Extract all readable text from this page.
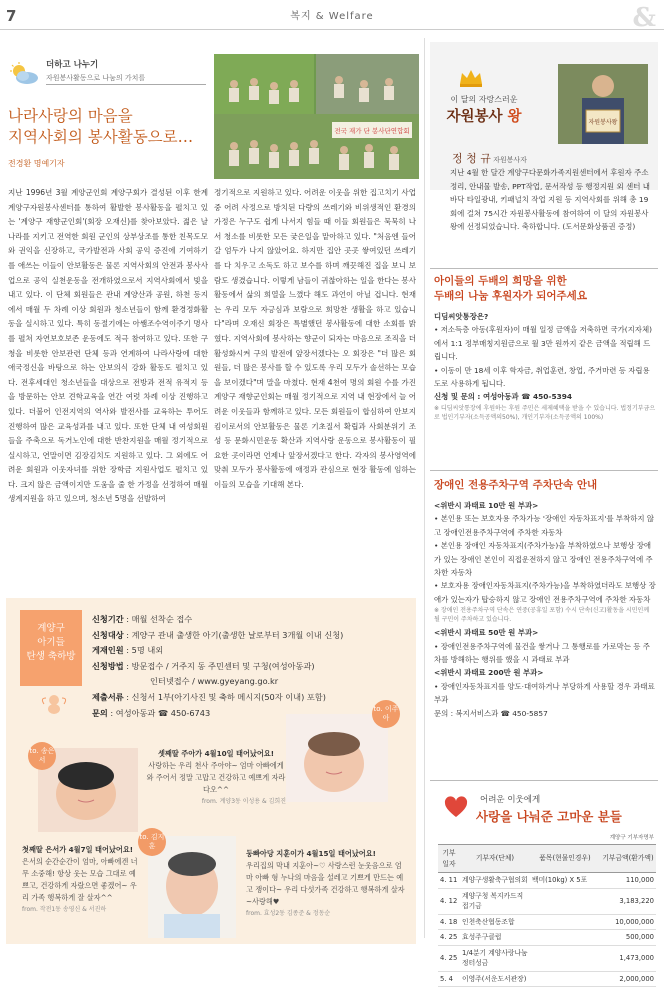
7	복지 & Welfare	&
더하고 나누기
자원봉사활동으로 나눔의 가치를
나라사랑의 마음을
지역사회의 봉사활동으로…
전경환 명예기자
전국 재가 단 봉사단연합회
지난 1996년 3월 계양군인회 계양구회가 결성된 이후 한계 계양구자원봉사센터를 통하여 활발한 봉사활동을 펼치고 있는 '계양구 재향군인회'(회장 오재신)를 찾아보았다. 젊은 날 나라를 지키고 전역한 회원 군인의 상부상조를 통한 친목도모와 권익을 신장하고, 국가발전과 사회 공익 증진에 기여하기를 애쓰는 이들이 안보활동은 물론 지역사회의 안전과 봉사사업으로 공익 실천운동을 전개하였으로서 지역사회에서 빛을 내고 있다. 이 단체 회원들은 관내 계양산과 공원, 하천 등지에서 매월 두 차례 이상 회원과 청소년들이 함께 환경정화활동을 실시하고 있다. 특히 동절기에는 아쌤조수역이주기 명사를 펼쳐 자연보호보존 운동에도 적극 참여하고 있다. 또한 구청을 비롯한 안보관련 단체 등과 연계하여 나라사랑에 대한 애국정신을 바탕으로 하는 안보의식 강화 활동도 펼치고 있다. 전후세대인 청소년들을 대상으로 전방과 전적 유적지 등을 방문하는 안보 견학교육을 연간 여럿 차례 이상 진행하고 있다. 더불어 인전지역의 역사와 발전사를 교육하는 투어도 진행하여 많은 교육성과를 내고 있다. 또한 단체 내 여성회원들을 주축으로 독거노인에 대한 반찬지원을 매월 정기적으로 실시하고, 연말이면 김장김치도 지원하고 있다. 그 외에도 어려운 회원과 이웃자녀를 위한 장학금 지원사업도 펼치고 있다. 크지 않은 금액이지만 도움을 줄 한 가정을 선정하여 매월 생계지원을 하고 있으며, 청소년 5명을 선발하여
정기적으로 지원하고 있다. 어려운 이웃을 위한 집고치기 사업 중 어려 사정으로 방치된 다량의 쓰레기와 비위생적인 환경의 가정은 누구도 쉽게 나서지 힘들 때 이들 회원들은 묵묵히 나서 청소를 비롯한 모든 궂은일을 맡아하고 있다. "처음엔 들어갈 엄두가 나지 않았어요. 하지만 집안 곳곳 쌓여있던 쓰레기를 다 치우고 소독도 하고 보수를 하며 깨끗해진 집을 보니 보람도 생겼습니다. 이렇게 남들이 귀찮아하는 일을 한다는 봉사활동에서 삶의 희열을 느꼈다 해도 과언이 아닐 겁니다. 현재는 우리 모두 자긍심과 보람으로 희망찬 생활을 하고 있습니다"라며 오재신 회장은 특별했던 봉사활동에 대한 소회를 밝혔다. 지역사회에 봉사하는 향군이 되자는 마음으로 조직을 더 활성화시켜 구의 발전에 앞장서겠다는 오 회장은 "더 많은 회원들, 더 많은 봉사를 할 수 있도록 우리 모두가 솔선하는 모습을 보이겠다"며 말을 마쳤다. 현재 4천여 명의 회원 수를 가진 계양구 재향군인회는 매월 정기적으로 지역 내 현장에서 늘 어려운 이웃들과 함께하고 있다. 모든 회원들이 합심하여 안보지킴이로서의 안보활동은 물론 기초질서 확립과 사회분위기 조성 등 문화시민운동 확산과 지역사랑 운동으로 봉사활동이 필요한 곳이라면 언제나 앞장서겠다고 한다. 각자의 봉사영역에 맞춰 모두가 봉사활동에 애정과 관심으로 현장 활동에 임하는 이들의 모습을 기대해 본다.
이 달의 자랑스러운
자원봉사 왕	자원봉사왕
정 청 규 자원봉사자
지난 4월 한 달간 계양구다문화가족지원센터에서 후원자 주소정리, 안내물 발송, PPT작업, 문서작성 등 행정지원 외 센터 내 바닥 타일광내, 키패널치 작업 지원 등 지역사회를 위해 총 19회에 걸쳐 75시간 자원봉사활동에 참여하여 이 달의 자원봉사 왕에 선정되었습니다. 축하합니다. (도서문화상품권 증정)
아이들의 두배의 희망을 위한
두배의 나눔 후원자가 되어주세요
디딤씨앗통장은?
• 저소득층 아동(후원자)이 매월 일정 금액을 저축하면 국가(지자체)에서 1:1 정부매칭지원금으로 월 3만 원까지 같은 금액을 적립해 드립니다.
• 이동이 만 18세 이후 학자금, 취업훈련, 창업, 주거마련 등 자립용도로 사용하게 됩니다.
신청 및 문의 : 여성아동과 ☎ 450-5394
※ 디딤씨앗통장에 후원하는 후원 주민은 세제혜택을 받을 수 있습니다. 법정기부금으로 법인기부자(소득공액의50%), 개인기부자(소득공액의 100%)
장애인 전용주차구역 주차단속 안내
<위반시 과태료 10만 원 부과>
• 본인용 또는 보호자용 주차가능 '장애인 자동차표지'를 부착하지 않고 장애인전용주차구역에 주차한 자동차
• 본인용 장애인 자동차표지(주차가능)을 부착하였으나 보행상 장애가 있는 장애인 본인이 직접운전하지 않고 장애인 전용주차구역에 주차한 자동차
• 보호자용 장애인자동차표지(주차가능)을 부착하였더라도 보행상 장애가 있는자가 탑승하지 않고 장애인 전용주차구역에 주차한 자동차
※ 장애인 전용주차구역 단속은 연중(공휴일 포함) 수시 단속(신고)활동을 시민인께 될 구민이 주차하고 있습니다.
<위반시 과태료 50만 원 부과>
• 장애인전용주차구역에 물건을 쌓거나 그 통행로를 가로막는 등 주차를 방해하는 행위를 했을 시 과태료 부과
<위반시 과태료 200만 원 부과>
• 장애인자동차표지를 양도·대여하거나 부당하게 사용할 경우 과태료 부과
문의 : 복지서비스과 ☎ 450-5857
어려운 이웃에게
사랑을 나눠준 고마운 분들
계양구 기부자명부
기부일자	기부자(단체)	품목(현물인경우)	기부금액(환가액)
4. 11	계양구생활축구협의회	백미(10kg) X 5포	110,000
4. 12	계양구청 복지카드직접기금		3,183,220
4. 18	인천축산협동조합		10,000,000
4. 25	효성주구클럽		500,000
4. 25	1/4분기 계양사랑나눔정터성금		1,473,000
5. 4	이영주(서운도서관장)		2,000,000
계양구
아기들
탄생 축하방
신청기간 : 매월 선착순 접수
신청대상 : 계양구 관내 출생한 아기(출생한 날로부터 3개월 이내 신청)
게재인원 : 5명 내외
신청방법 : 방문접수 / 거주지 동 주민센터 및 구청(여성아동과)
인터넷접수 / www.gyeyang.go.kr
제출서류 : 신청서 1부(아기사진 및 축하 메시지(50자 이내) 포함)
문의 : 여성아동과 ☎ 450-6743
to. 송은서
to. 이주아
to. 김지훈
셋째딸 주아가 4월10일 태어났어요!
사랑하는 우리 천사 주아야~ 엄마 아빠에게 와 주어서 정말 고맙고 건강하고 예쁘게 자라다오^^
from. 계양3동 이성용 & 김희진
첫째딸 은서가 4월7일 태어났어요!
은서의 순간순간이 엄마, 아빠에겐 너무 소중해! 항상 웃는 모습 그대로 예쁘고, 건강하게 자랐으면 좋겠어~ 우리 가족 행복하게 잘 살자^^
from. 작전1동 송영신 & 서진하
둥빠아당 지훈이가 4월15일 태어났어요!
우리집의 막내 지훈아~♡ 사랑스런 눈웃음으로 엄마 아빠 형 누나의 마음을 설레고 기쁘게 만드는 예고 쟁이다~ 우리 다섯가족 건강하고 행복하게 살자~사랑해♥
from. 효성2동 김종준 & 정동순
